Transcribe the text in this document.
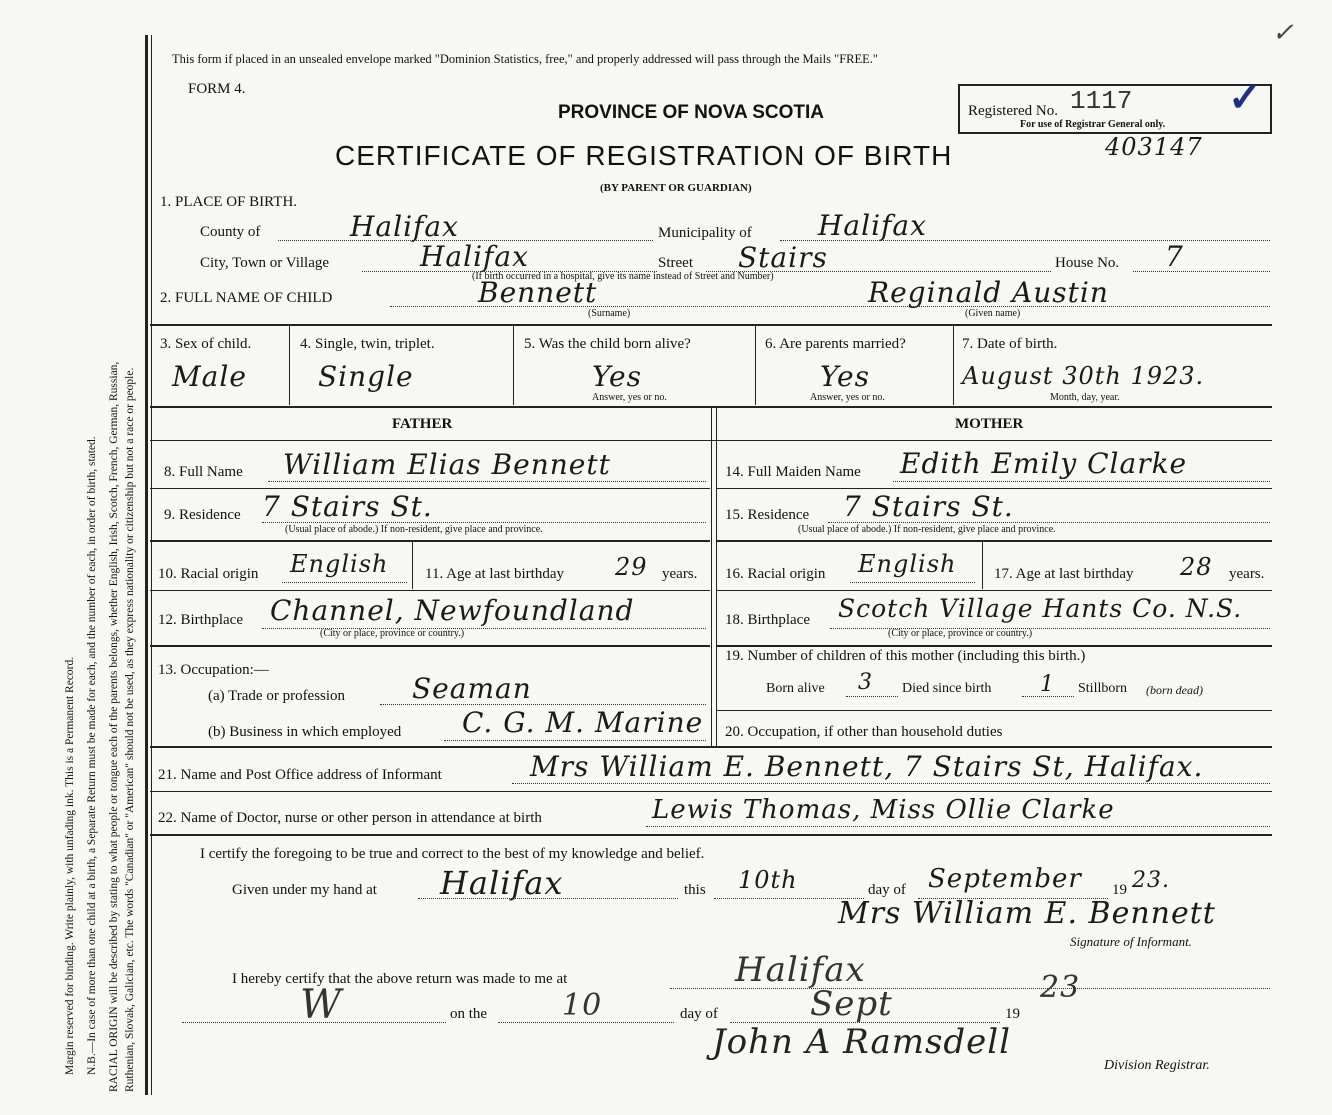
Margin reserved for binding. Write plainly, with unfading ink. This is a Permanent Record. N.B.—In case of more than one child at a birth, a Separate Return must be made for each, and the number of each, in order of birth, stated. RACIAL ORIGIN will be described by stating to what people or tongue each of the parents belongs, whether English, Irish, Scotch, French, German, Russian, Ruthenian, Slovak, Galician, etc. The words "Canadian" or "American" should not be used, as they express nationality or citizenship but not a race or people.
This form if placed in an unsealed envelope marked "Dominion Statistics, free," and properly addressed will pass through the Mails "FREE."
FORM 4.
PROVINCE OF NOVA SCOTIA
CERTIFICATE OF REGISTRATION OF BIRTH
(BY PARENT OR GUARDIAN)
403147
✓
Registered No. 1117
For use of Registrar General only.
✓
1. PLACE OF BIRTH.
County of	Halifax	Municipality of Halifax
City, Town or Village	Halifax	Street Stairs	House No. 7
(If birth occurred in a hospital, give its name instead of Street and Number)
2. FULL NAME OF CHILD	Bennett
(Surname)
Reginald Austin
(Given name)
3. Sex of child.
Male
4. Single, twin, triplet.
Single
5. Was the child born alive?
Yes
Answer, yes or no.
6. Are parents married?
Yes
Answer, yes or no.
7. Date of birth.
August 30th 1923.
Month, day, year.
FATHER	MOTHER
8. Full Name William Elias Bennett
9. Residence 7 Stairs St.
(Usual place of abode.) If non-resident, give place and province.
10. Racial origin English 11. Age at last birthday 29 years.
12. Birthplace Channel, Newfoundland
(City or place, province or country.)
13. Occupation:—
(a) Trade or profession Seaman
(b) Business in which employed C. G. M. Marine
14. Full Maiden Name Edith Emily Clarke
15. Residence 7 Stairs St.
(Usual place of abode.) If non-resident, give place and province.
16. Racial origin English	17. Age at last birthday 28 years.
18. Birthplace Scotch Village Hants Co. N.S.
(City or place, province or country.)
19. Number of children of this mother (including this birth.)
Born alive 3 Died since birth 1 Stillborn (born dead)
20. Occupation, if other than household duties
21. Name and Post Office address of Informant	Mrs William E. Bennett, 7 Stairs St, Halifax.
22. Name of Doctor, nurse or other person in attendance at birth	Lewis Thomas, Miss Ollie Clarke
I certify the foregoing to be true and correct to the best of my knowledge and belief.
Given under my hand at Halifax	this 10th	day of September 19 23.
Mrs William E. Bennett
Signature of Informant.
I hereby certify that the above return was made to me at	Halifax
W	on the 10	day of	Sept	19
23
John A Ramsdell
Division Registrar.
